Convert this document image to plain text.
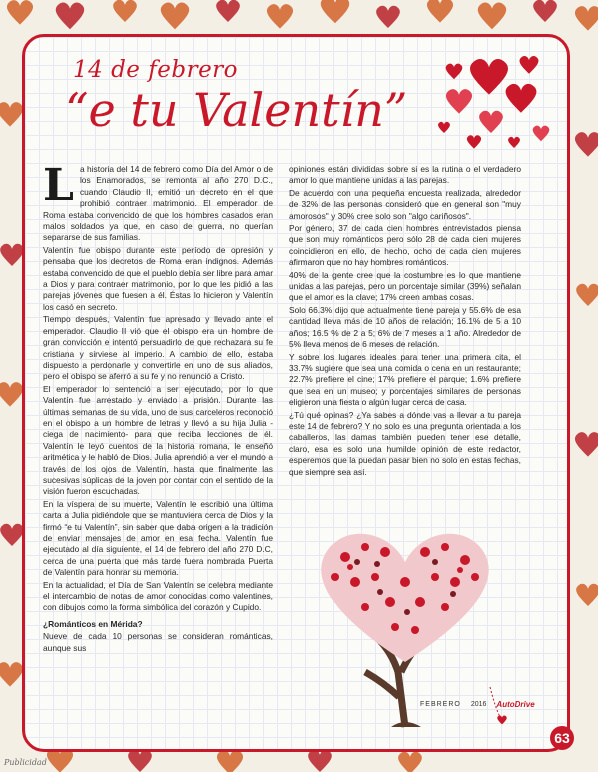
14 de febrero
“e tu Valentín”

La historia del 14 de febrero como Día del Amor o de los Enamorados, se remonta al año 270 D.C., cuando Claudio II, emitió un decreto en el que prohibió contraer matrimonio. El emperador de Roma estaba convencido de que los hombres casados eran malos soldados ya que, en caso de guerra, no querían separarse de sus familias.

Valentín fue obispo durante este período de opresión y pensaba que los decretos de Roma eran indignos. Además estaba convencido de que el pueblo debía ser libre para amar a Dios y para contraer matrimonio, por lo que les pidió a las parejas jóvenes que fuesen a él. Éstas lo hicieron y Valentín los casó en secreto.

Tiempo después, Valentín fue apresado y llevado ante el emperador. Claudio II vió que el obispo era un hombre de gran convicción e intentó persuadirlo de que rechazara su fe cristiana y sirviese al imperio. A cambio de ello, estaba dispuesto a perdonarle y convertirle en uno de sus aliados, pero el obispo se aferró a su fe y no renunció a Cristo.

El emperador lo sentenció a ser ejecutado, por lo que Valentín fue arrestado y enviado a prisión. Durante las últimas semanas de su vida, uno de sus carceleros reconoció en el obispo a un hombre de letras y llevó a su hija Julia -ciega de nacimiento- para que reciba lecciones de él. Valentín le leyó cuentos de la historia romana, le enseñó aritmética y le habló de Dios. Julia aprendió a ver el mundo a través de los ojos de Valentín, hasta que finalmente las sucesivas súplicas de la joven por contar con el sentido de la visión fueron escuchadas.

En la víspera de su muerte, Valentín le escribió una última carta a Julia pidiéndole que se mantuviera cerca de Dios y la firmó “e tu Valentín”, sin saber que daba origen a la tradición de enviar mensajes de amor en esa fecha. Valentín fue ejecutado al día siguiente, el 14 de febrero del año 270 D.C, cerca de una puerta que más tarde fuera nombrada Puerta de Valentín para honrar su memoria.

En la actualidad, el Día de San Valentín se celebra mediante el intercambio de notas de amor conocidas como valentines, con dibujos como la forma simbólica del corazón y Cupido.

¿Románticos en Mérida?

Nueve de cada 10 personas se consideran románticas, aunque sus

opiniones están divididas sobre si es la rutina o el verdadero amor lo que mantiene unidas a las parejas.

De acuerdo con una pequeña encuesta realizada, alrededor de 32% de las personas consideró que en general son "muy amorosos" y 30% cree solo son "algo cariñosos".

Por género, 37 de cada cien hombres entrevistados piensa que son muy románticos pero sólo 28 de cada cien mujeres coincidieron en ello, de hecho, ocho de cada cien mujeres afirmaron que no hay hombres románticos.

40% de la gente cree que la costumbre es lo que mantiene unidas a las parejas, pero un porcentaje similar (39%) señalan que el amor es la clave; 17% creen ambas cosas.

Solo 66.3% dijo que actualmente tiene pareja y 55.6% de esa cantidad lleva más de 10 años de relación; 16.1% de 5 a 10 años; 16.5 % de 2 a 5; 6% de 7 meses a 1 año. Alrededor de 5% lleva menos de 6 meses de relación.

Y sobre los lugares ideales para tener una primera cita, el 33.7% sugiere que sea una comida o cena en un restaurante; 22.7% prefiere el cine; 17% prefiere el parque; 1.6% prefiere que sea en un museo; y porcentajes similares de personas eligieron una fiesta o algún lugar cerca de casa.

¿Tú qué opinas? ¿Ya sabes a dónde vas a llevar a tu pareja este 14 de febrero? Y no solo es una pregunta orientada a los caballeros, las damas también pueden tener ese detalle, claro, esa es solo una humilde opinión de este redactor, esperemos que la puedan pasar bien no solo en estas fechas, que siempre sea así.

FEBRERO 2016 AutoDrive
63
Publicidad
